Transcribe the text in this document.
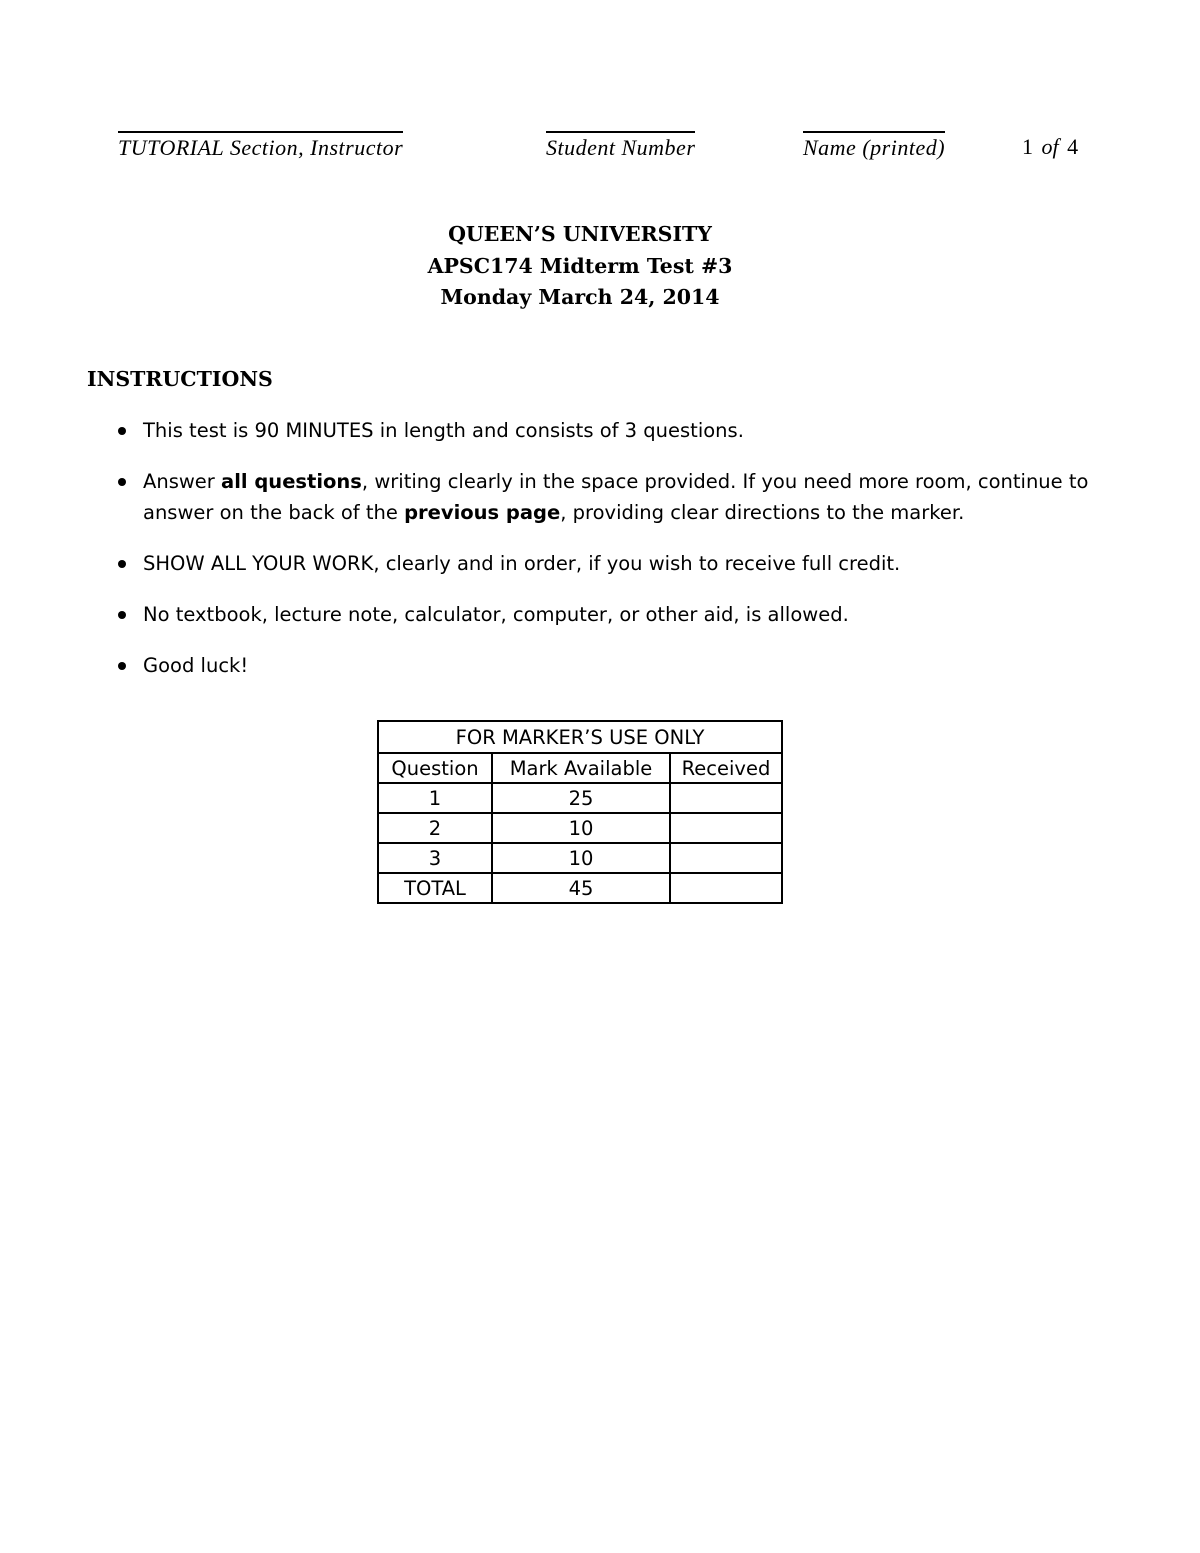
TUTORIAL Section, Instructor	Student Number	Name (printed)	1 of 4
QUEEN’S UNIVERSITY
APSC174 Midterm Test #3
Monday March 24, 2014
INSTRUCTIONS
This test is 90 MINUTES in length and consists of 3 questions.
Answer all questions, writing clearly in the space provided. If you need more room, continue to answer on the back of the previous page, providing clear directions to the marker.
SHOW ALL YOUR WORK, clearly and in order, if you wish to receive full credit.
No textbook, lecture note, calculator, computer, or other aid, is allowed.
Good luck!
FOR MARKER’S USE ONLY		
Question	Mark Available	Received
1	25	
2	10	
3	10	
TOTAL	45	
